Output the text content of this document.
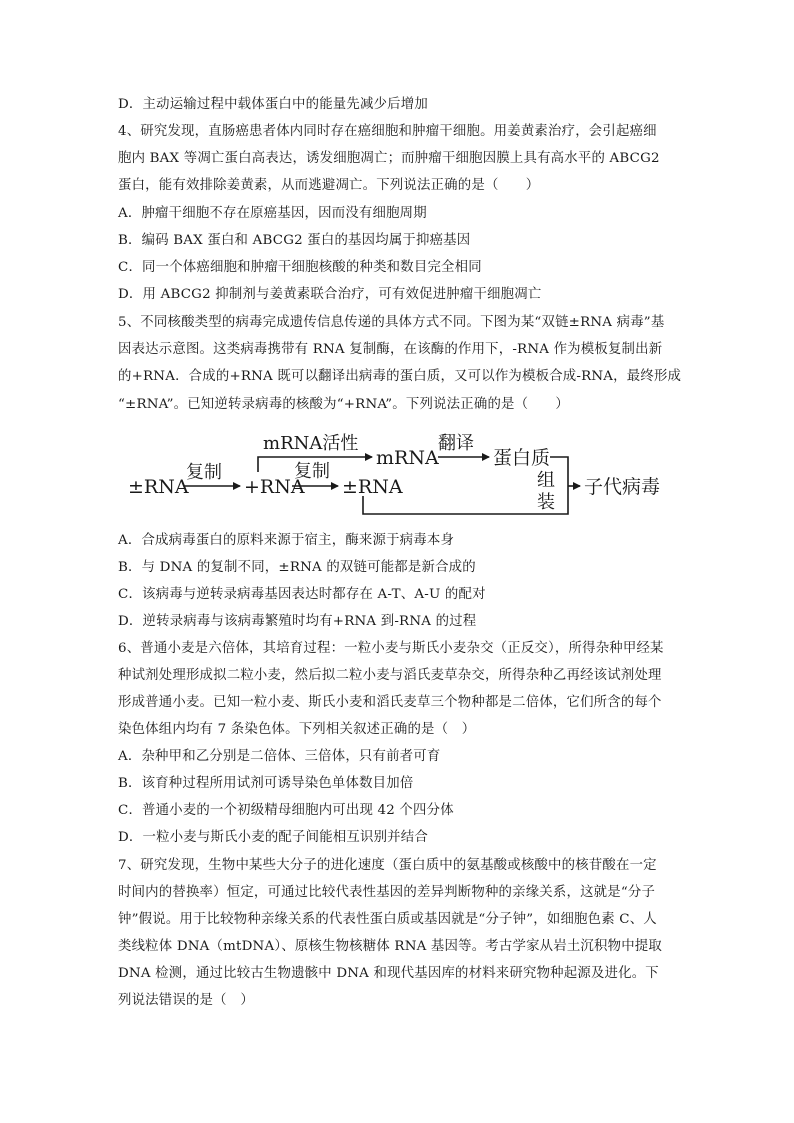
D．主动运输过程中载体蛋白中的能量先减少后增加
4、研究发现，直肠癌患者体内同时存在癌细胞和肿瘤干细胞。用姜黄素治疗，会引起癌细
胞内 BAX 等凋亡蛋白高表达，诱发细胞凋亡；而肿瘤干细胞因膜上具有高水平的 ABCG2
蛋白，能有效排除姜黄素，从而逃避凋亡。下列说法正确的是（　　）
A．肿瘤干细胞不存在原癌基因，因而没有细胞周期
B．编码 BAX 蛋白和 ABCG2 蛋白的基因均属于抑癌基因
C．同一个体癌细胞和肿瘤干细胞核酸的种类和数目完全相同
D．用 ABCG2 抑制剂与姜黄素联合治疗，可有效促进肿瘤干细胞凋亡
5、不同核酸类型的病毒完成遗传信息传递的具体方式不同。下图为某“双链±RNA 病毒”基
因表达示意图。这类病毒携带有 RNA 复制酶，在该酶的作用下，-RNA 作为模板复制出新
的+RNA．合成的+RNA 既可以翻译出病毒的蛋白质，又可以作为模板合成-RNA，最终形成
“±RNA”。已知逆转录病毒的核酸为“+RNA”。下列说法正确的是（　　）
±RNA	+RNA ±RNA
mRNA	蛋白质
子代病毒
复制	复制
mRNA活性	翻译
组
装
A．合成病毒蛋白的原料来源于宿主，酶来源于病毒本身
B．与 DNA 的复制不同，±RNA 的双链可能都是新合成的
C．该病毒与逆转录病毒基因表达时都存在 A-T、A-U 的配对
D．逆转录病毒与该病毒繁殖时均有+RNA 到-RNA 的过程
6、普通小麦是六倍体，其培育过程：一粒小麦与斯氏小麦杂交（正反交），所得杂种甲经某
种试剂处理形成拟二粒小麦，然后拟二粒小麦与滔氏麦草杂交，所得杂种乙再经该试剂处理
形成普通小麦。已知一粒小麦、斯氏小麦和滔氏麦草三个物种都是二倍体，它们所含的每个
染色体组内均有 7 条染色体。下列相关叙述正确的是（　）
A．杂种甲和乙分别是二倍体、三倍体，只有前者可育
B．该育种过程所用试剂可诱导染色单体数目加倍
C．普通小麦的一个初级精母细胞内可出现 42 个四分体
D．一粒小麦与斯氏小麦的配子间能相互识别并结合
7、研究发现，生物中某些大分子的进化速度（蛋白质中的氨基酸或核酸中的核苷酸在一定
时间内的替换率）恒定，可通过比较代表性基因的差异判断物种的亲缘关系，这就是“分子
钟”假说。用于比较物种亲缘关系的代表性蛋白质或基因就是“分子钟”，如细胞色素 C、人
类线粒体 DNA（mtDNA）、原核生物核糖体 RNA 基因等。考古学家从岩土沉积物中提取
DNA 检测，通过比较古生物遗骸中 DNA 和现代基因库的材料来研究物种起源及进化。下
列说法错误的是（　）
